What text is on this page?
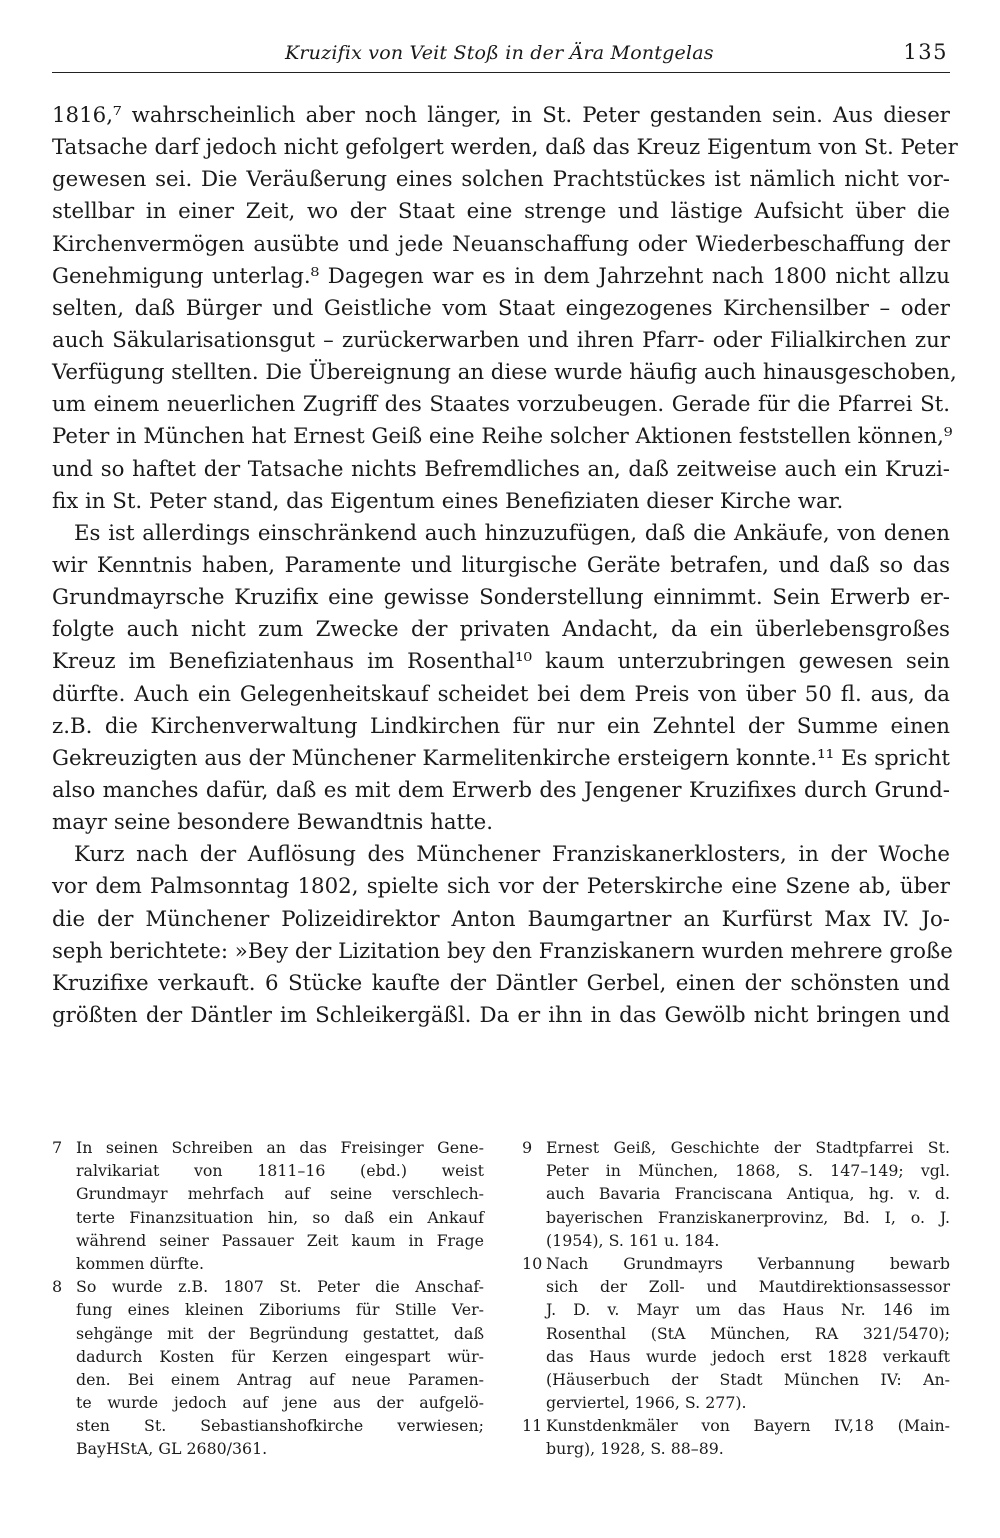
Kruzifix von Veit Stoß in der Ära Montgelas	135
1816,⁷ wahrscheinlich aber noch länger, in St. Peter gestanden sein. Aus dieser
Tatsache darf jedoch nicht gefolgert werden, daß das Kreuz Eigentum von St. Peter
gewesen sei. Die Veräußerung eines solchen Prachtstückes ist nämlich nicht vor-
stellbar in einer Zeit, wo der Staat eine strenge und lästige Aufsicht über die
Kirchenvermögen ausübte und jede Neuanschaffung oder Wiederbeschaffung der
Genehmigung unterlag.⁸ Dagegen war es in dem Jahrzehnt nach 1800 nicht allzu
selten, daß Bürger und Geistliche vom Staat eingezogenes Kirchensilber – oder
auch Säkularisationsgut – zurückerwarben und ihren Pfarr- oder Filialkirchen zur
Verfügung stellten. Die Übereignung an diese wurde häufig auch hinausgeschoben,
um einem neuerlichen Zugriff des Staates vorzubeugen. Gerade für die Pfarrei St.
Peter in München hat Ernest Geiß eine Reihe solcher Aktionen feststellen können,⁹
und so haftet der Tatsache nichts Befremdliches an, daß zeitweise auch ein Kruzi-
fix in St. Peter stand, das Eigentum eines Benefiziaten dieser Kirche war.
Es ist allerdings einschränkend auch hinzuzufügen, daß die Ankäufe, von denen
wir Kenntnis haben, Paramente und liturgische Geräte betrafen, und daß so das
Grundmayrsche Kruzifix eine gewisse Sonderstellung einnimmt. Sein Erwerb er-
folgte auch nicht zum Zwecke der privaten Andacht, da ein überlebensgroßes
Kreuz im Benefiziatenhaus im Rosenthal¹⁰ kaum unterzubringen gewesen sein
dürfte. Auch ein Gelegenheitskauf scheidet bei dem Preis von über 50 fl. aus, da
z.B. die Kirchenverwaltung Lindkirchen für nur ein Zehntel der Summe einen
Gekreuzigten aus der Münchener Karmelitenkirche ersteigern konnte.¹¹ Es spricht
also manches dafür, daß es mit dem Erwerb des Jengener Kruzifixes durch Grund-
mayr seine besondere Bewandtnis hatte.
Kurz nach der Auflösung des Münchener Franziskanerklosters, in der Woche
vor dem Palmsonntag 1802, spielte sich vor der Peterskirche eine Szene ab, über
die der Münchener Polizeidirektor Anton Baumgartner an Kurfürst Max IV. Jo-
seph berichtete: »Bey der Lizitation bey den Franziskanern wurden mehrere große
Kruzifixe verkauft. 6 Stücke kaufte der Däntler Gerbel, einen der schönsten und
größten der Däntler im Schleikergäßl. Da er ihn in das Gewölb nicht bringen und
7 In seinen Schreiben an das Freisinger Gene-
ralvikariat von 1811–16 (ebd.) weist
Grundmayr mehrfach auf seine verschlech-
terte Finanzsituation hin, so daß ein Ankauf
während seiner Passauer Zeit kaum in Frage
kommen dürfte.
8 So wurde z.B. 1807 St. Peter die Anschaf-
fung eines kleinen Ziboriums für Stille Ver-
sehgänge mit der Begründung gestattet, daß
dadurch Kosten für Kerzen eingespart wür-
den. Bei einem Antrag auf neue Paramen-
te wurde jedoch auf jene aus der aufgelö-
sten St. Sebastianshofkirche verwiesen;
BayHStA, GL 2680/361.
9 Ernest Geiß, Geschichte der Stadtpfarrei St.
Peter in München, 1868, S. 147–149; vgl.
auch Bavaria Franciscana Antiqua, hg. v. d.
bayerischen Franziskanerprovinz, Bd. I, o. J.
(1954), S. 161 u. 184.
10 Nach Grundmayrs Verbannung bewarb
sich der Zoll- und Mautdirektionsassessor
J. D. v. Mayr um das Haus Nr. 146 im
Rosenthal (StA München, RA 321/5470);
das Haus wurde jedoch erst 1828 verkauft
(Häuserbuch der Stadt München IV: An-
gerviertel, 1966, S. 277).
11 Kunstdenkmäler von Bayern IV,18 (Main-
burg), 1928, S. 88–89.
